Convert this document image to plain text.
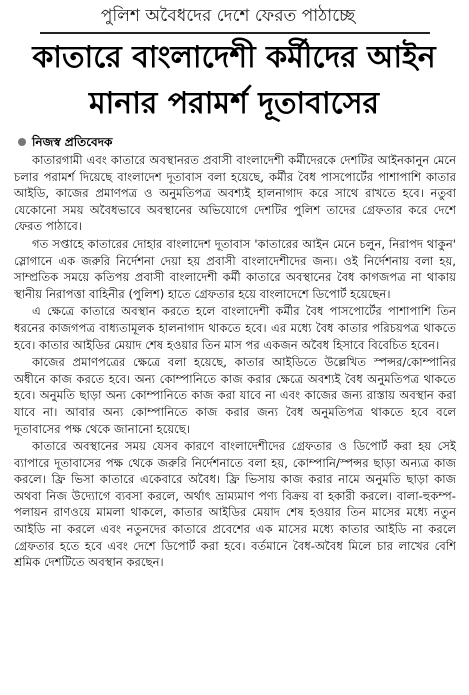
পুলিশ অবৈধদের দেশে ফেরত পাঠাচ্ছে
কাতারে বাংলাদেশী কর্মীদের আইন
মানার পরামর্শ দূতাবাসের
নিজস্ব প্রতিবেদক

কাতারগামী এবং কাতারে অবস্থানরত প্রবাসী বাংলাদেশী কর্মীদেরকে দেশটির আইনকানুন মেনে চলার পরামর্শ দিয়েছে বাংলাদেশ দূতাবাস বলা হয়েছে, কর্মীর বৈধ পাসপোর্টের পাশাপাশি কাতার আইডি, কাজের প্রমাণপত্র ও অনুমতিপত্র অবশ্যই হালনাগাদ করে সাথে রাখতে হবে। নতুবা যেকোনো সময় অবৈধভাবে অবস্থানের অভিযোগে দেশটির পুলিশ তাদের গ্রেফতার করে দেশে ফেরত পাঠাবে।

গত সপ্তাহে কাতারের দোহার বাংলাদেশ দূতাবাস 'কাতারের আইন মেনে চলুন, নিরাপদ থাকুন' স্লোগানে এক জরুরি নির্দেশনা দেয়া হয় প্রবাসী বাংলাদেশীদের জন্য। ওই নির্দেশনায় বলা হয়, সাম্প্রতিক সময়ে কতিপয় প্রবাসী বাংলাদেশী কর্মী কাতারে অবস্থানের বৈধ কাগজপত্র না থাকায় স্থানীয় নিরাপত্তা বাহিনীর (পুলিশ) হাতে গ্রেফতার হয়ে বাংলাদেশে ডিপোর্ট হয়েছেন।

এ ক্ষেত্রে কাতারে অবস্থান করতে হলে বাংলাদেশী কর্মীর বৈধ পাসপোর্টের পাশাপাশি তিন ধরনের কাজগপত্র বাধ্যতামূলক হালনাগাদ থাকতে হবে। এর মধ্যে বৈধ কাতার পরিচয়পত্র থাকতে হবে। কাতার আইডির মেয়াদ শেষ হওয়ার তিন মাস পর একজন অবৈধ হিসাবে বিবেচিত হবেন।

কাজের প্রমাণপত্রের ক্ষেত্রে বলা হয়েছে, কাতার আইডিতে উল্লেখিত স্পন্সর/কোম্পানির অধীনে কাজ করতে হবে। অন্য কোম্পানিতে কাজ করার ক্ষেত্রে অবশ্যই বৈধ অনুমতিপত্র থাকতে হবে। অনুমতি ছাড়া অন্য কোম্পানিতে কাজ করা যাবে না এবং কাজের জন্য রাস্তায় অবস্থান করা যাবে না। আবার অন্য কোম্পানিতে কাজ করার জন্য বৈধ অনুমতিপত্র থাকতে হবে বলে দূতাবাসের পক্ষ থেকে জানানো হয়েছে।

কাতারে অবস্থানের সময় যেসব কারণে বাংলাদেশীদের গ্রেফতার ও ডিপোর্ট করা হয় সেই ব্যাপারে দূতাবাসের পক্ষ থেকে জরুরি নির্দেশনাতে বলা হয়, কোম্পানি/স্পন্সর ছাড়া অন্যত্র কাজ করলে। ফ্রি ভিসা কাতারে একেবারে অবৈধ। ফ্রি ভিসায় কাজ করার নামে অনুমতি ছাড়া কাজ অথবা নিজ উদ্যোগে ব্যবসা করলে, অর্থাৎ ভ্রাম্যমাণ পণ্য বিক্রয় বা হকারী করলে। বালা-হুকম্প-পলায়ন রাণওয়ে মামলা থাকলে, কাতার আইডির মেয়াদ শেষ হওয়ার তিন মাসের মধ্যে নতুন আইডি না করলে এবং নতুনদের কাতারে প্রবেশের এক মাসের মধ্যে কাতার আইডি না করলে গ্রেফতার হতে হবে এবং দেশে ডিপোর্ট করা হবে। বর্তমানে বৈধ-অবৈধ মিলে চার লাখের বেশি শ্রমিক দেশটিতে অবস্থান করছেন।
